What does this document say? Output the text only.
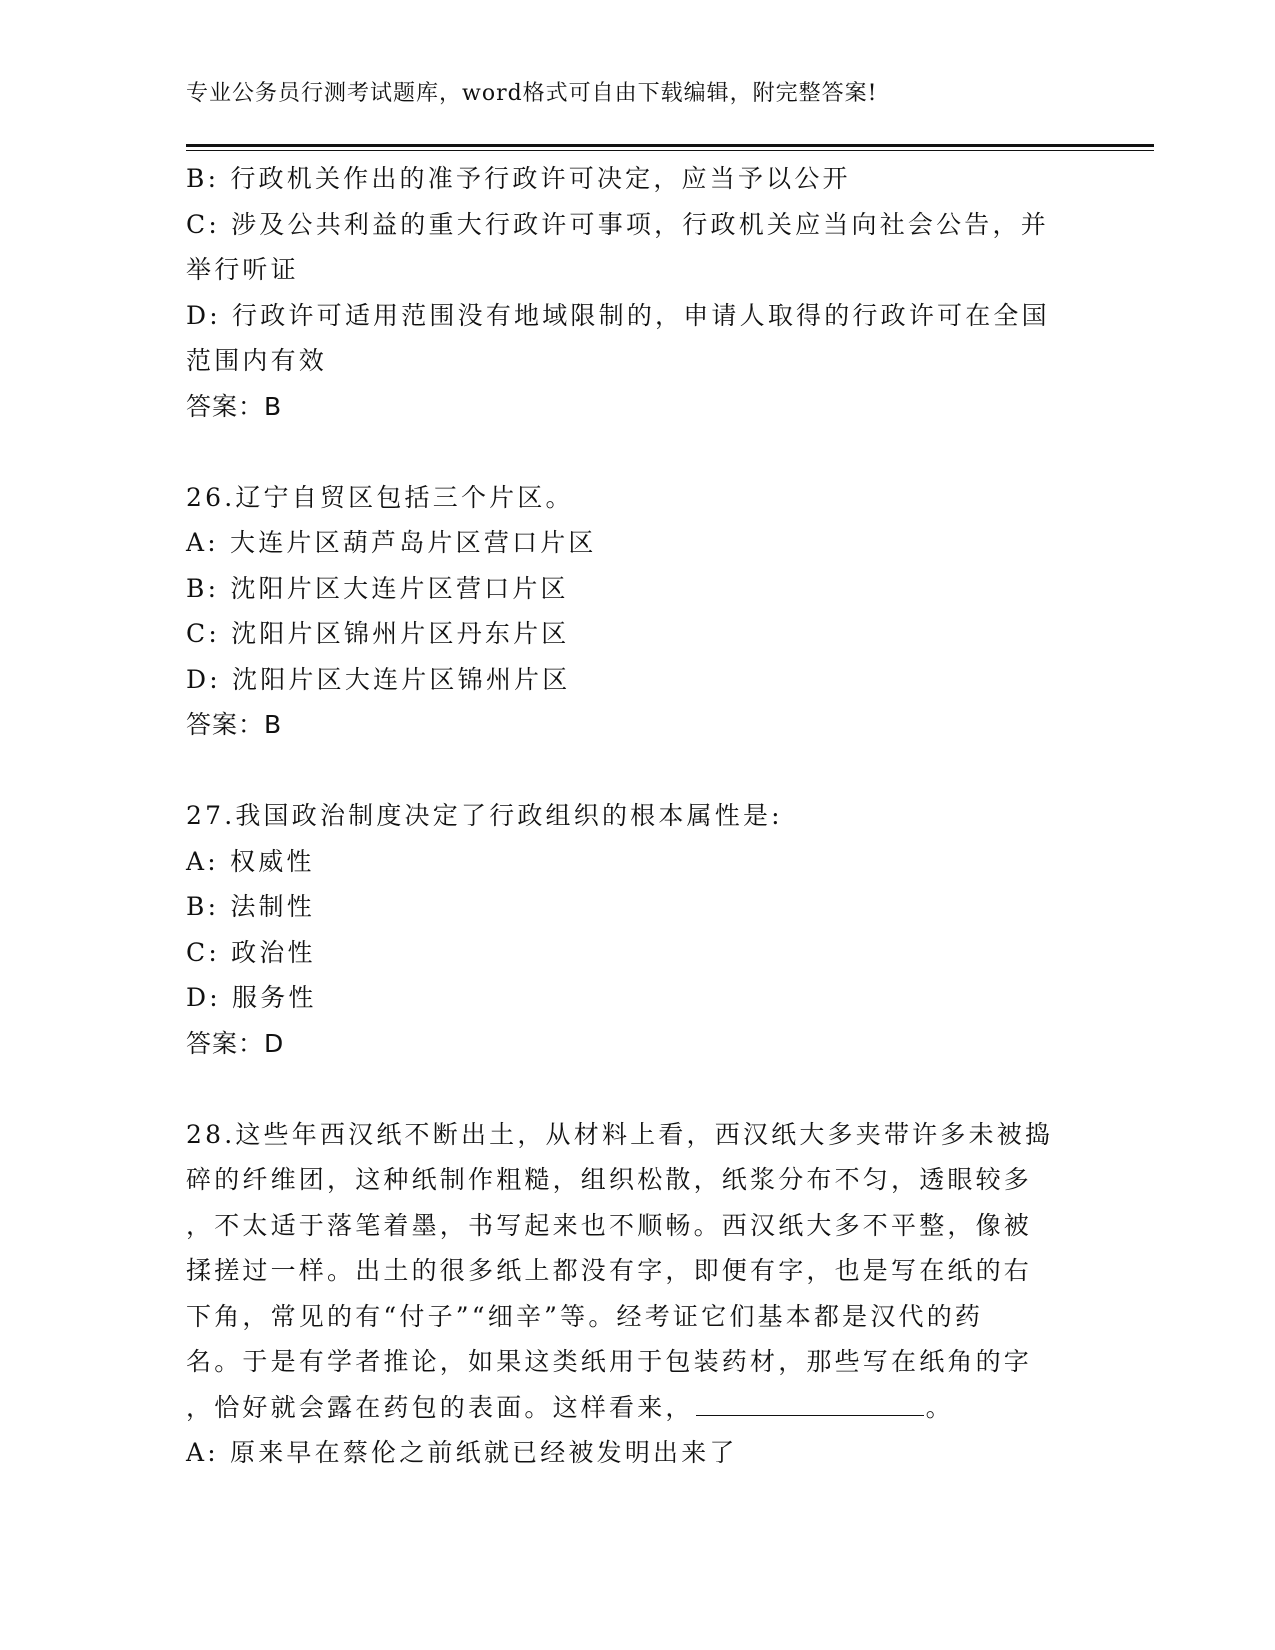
专业公务员行测考试题库，word格式可自由下载编辑，附完整答案!
B: 行政机关作出的准予行政许可决定，应当予以公开
C: 涉及公共利益的重大行政许可事项，行政机关应当向社会公告，并
举行听证
D: 行政许可适用范围没有地域限制的，申请人取得的行政许可在全国
范围内有效
答案：B
26.辽宁自贸区包括三个片区。
A: 大连片区葫芦岛片区营口片区
B: 沈阳片区大连片区营口片区
C: 沈阳片区锦州片区丹东片区
D: 沈阳片区大连片区锦州片区
答案：B
27.我国政治制度决定了行政组织的根本属性是:
A: 权威性
B: 法制性
C: 政治性
D: 服务性
答案：D
28.这些年西汉纸不断出土，从材料上看，西汉纸大多夹带许多未被捣
碎的纤维团，这种纸制作粗糙，组织松散，纸浆分布不匀，透眼较多
，不太适于落笔着墨，书写起来也不顺畅。西汉纸大多不平整，像被
揉搓过一样。出土的很多纸上都没有字，即便有字，也是写在纸的右
下角，常见的有“付子”“细辛”等。经考证它们基本都是汉代的药
名。于是有学者推论，如果这类纸用于包装药材，那些写在纸角的字
，恰好就会露在药包的表面。这样看来，	。
A: 原来早在蔡伦之前纸就已经被发明出来了
